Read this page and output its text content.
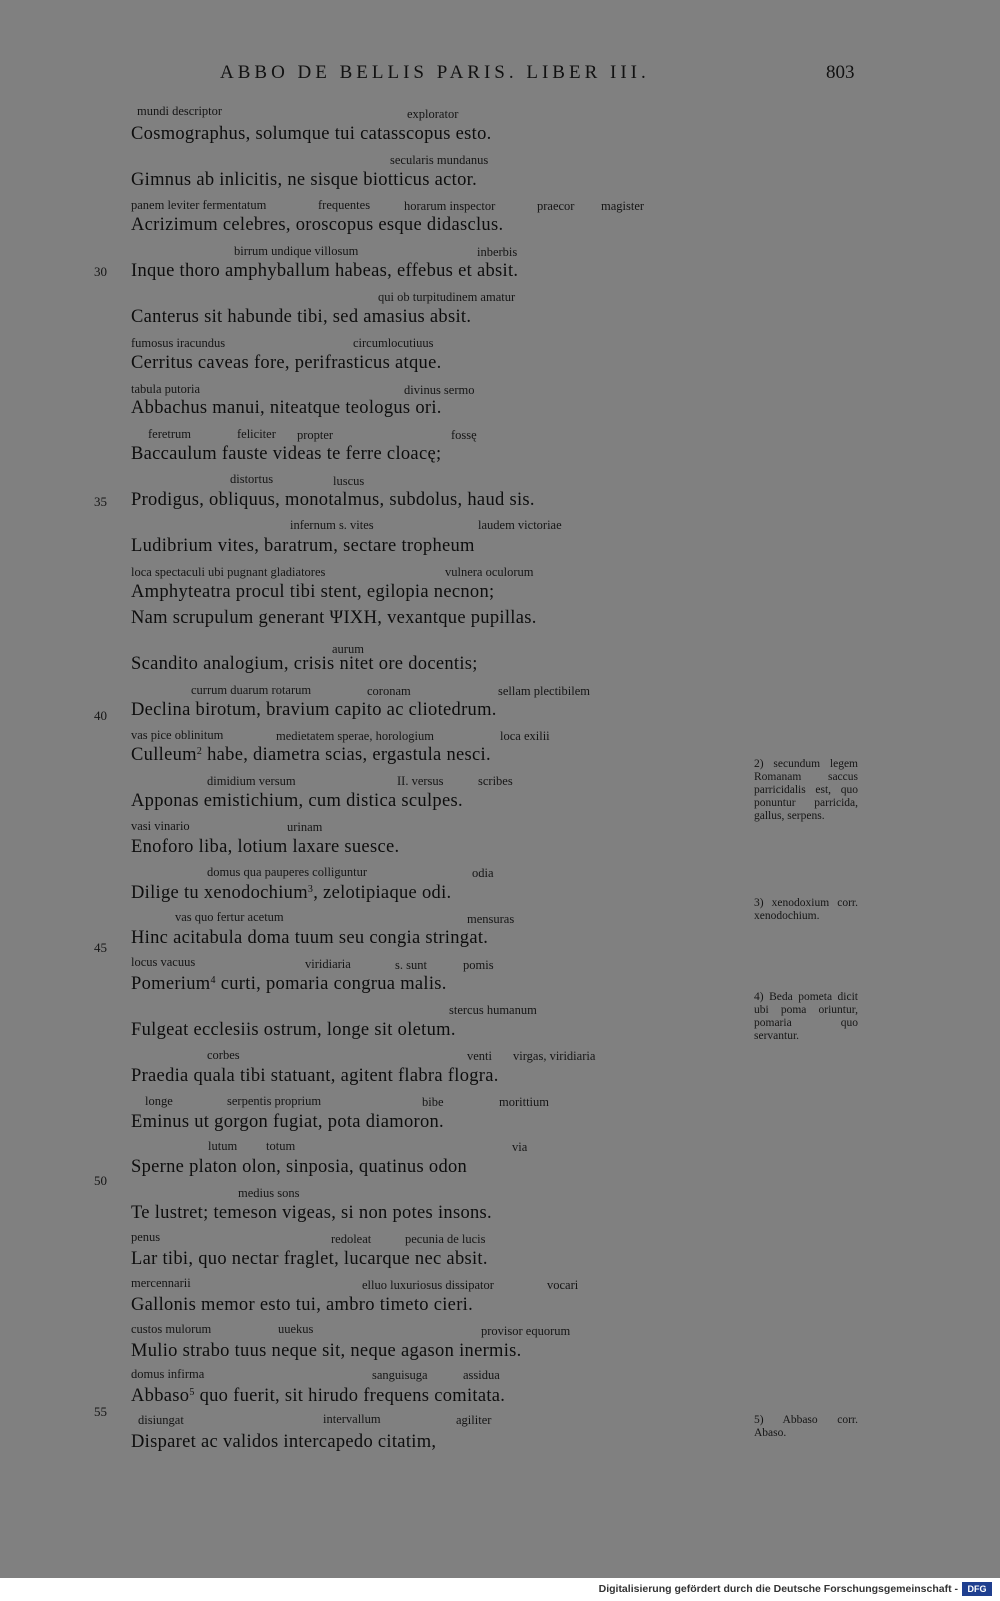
ABBO DE BELLIS PARIS. LIBER III.	803
30
35
40
45
50
55
Cosmographus, solumque tui catasscopus esto.
Gimnus ab inlicitis, ne sisque biotticus actor.
Acrizimum celebres, oroscopus esque didasclus.
Inque thoro amphyballum habeas, effebus et absit.
Canterus sit habunde tibi, sed amasius absit.
Cerritus caveas fore, perifrasticus atque.
Abbachus manui, niteatque teologus ori.
Baccaulum fauste videas te ferre cloacę;
Prodigus, obliquus, monotalmus, subdolus, haud sis.
Ludibrium vites, baratrum, sectare tropheum
Amphyteatra procul tibi stent, egilopia necnon;
Nam scrupulum generant ΨΙΧΗ, vexantque pupillas.
Scandito analogium, crisis nitet ore docentis;
Declina birotum, bravium capito ac cliotedrum.
Culleum$^2$ habe, diametra scias, ergastula nesci.
Apponas emistichium, cum distica sculpes.
Enoforo liba, lotium laxare suesce.
Dilige tu xenodochium$^3$, zelotipiaque odi.
Hinc acitabula doma tuum seu congia stringat.
Pomerium$^4$ curti, pomaria congrua malis.
Fulgeat ecclesiis ostrum, longe sit oletum.
Praedia quala tibi statuant, agitent flabra flogra.
Eminus ut gorgon fugiat, pota diamoron.
Sperne platon olon, sinposia, quatinus odon
Te lustret; temeson vigeas, si non potes insons.
Lar tibi, quo nectar fraglet, lucarque nec absit.
Gallonis memor esto tui, ambro timeto cieri.
Mulio strabo tuus neque sit, neque agason inermis.
Abbaso$^5$ quo fuerit, sit hirudo frequens comitata.
Disparet ac validos intercapedo citatim,
mundi descriptor	explorator
secularis mundanus
panem leviter fermentatum	frequentes	horarum inspector	praecor magister
birrum undique villosum	inberbis
qui ob turpitudinem amatur
fumosus iracundus	circumlocutiuus
tabula putoria	divinus sermo
feretrum	feliciter propter	fossę
distortus	luscus
infernum s. vites	laudem victoriae
loca spectaculi ubi pugnant gladiatores	vulnera oculorum
aurum
currum duarum rotarum	coronam	sellam plectibilem
vas pice oblinitum	medietatem sperae, horologium	loca exilii
dimidium versum	II. versus	scribes
vasi vinario	urinam
domus qua pauperes colliguntur	odia
vas quo fertur acetum	mensuras
locus vacuus	viridiaria	s. sunt	pomis
stercus humanum
corbes	venti virgas, viridiaria
longe	serpentis proprium	bibe	morittium
lutum totum	via
medius sons
penus	redoleat	pecunia de lucis
mercennarii	elluo luxuriosus dissipator	vocari
custos mulorum	uuekus	provisor equorum
domus infirma	sanguisuga	assidua
disiungat	intervallum	agiliter
2) secundum legem Romanam saccus parricidalis est, quo ponuntur parricida, gallus, serpens.
3) xenodoxium corr. xenodochium.
4) Beda pometa dicit ubi poma oriuntur, pomaria quo servantur.
5) Abbaso corr. Abaso.
Digitalisierung gefördert durch die Deutsche Forschungsgemeinschaft -	DFG
